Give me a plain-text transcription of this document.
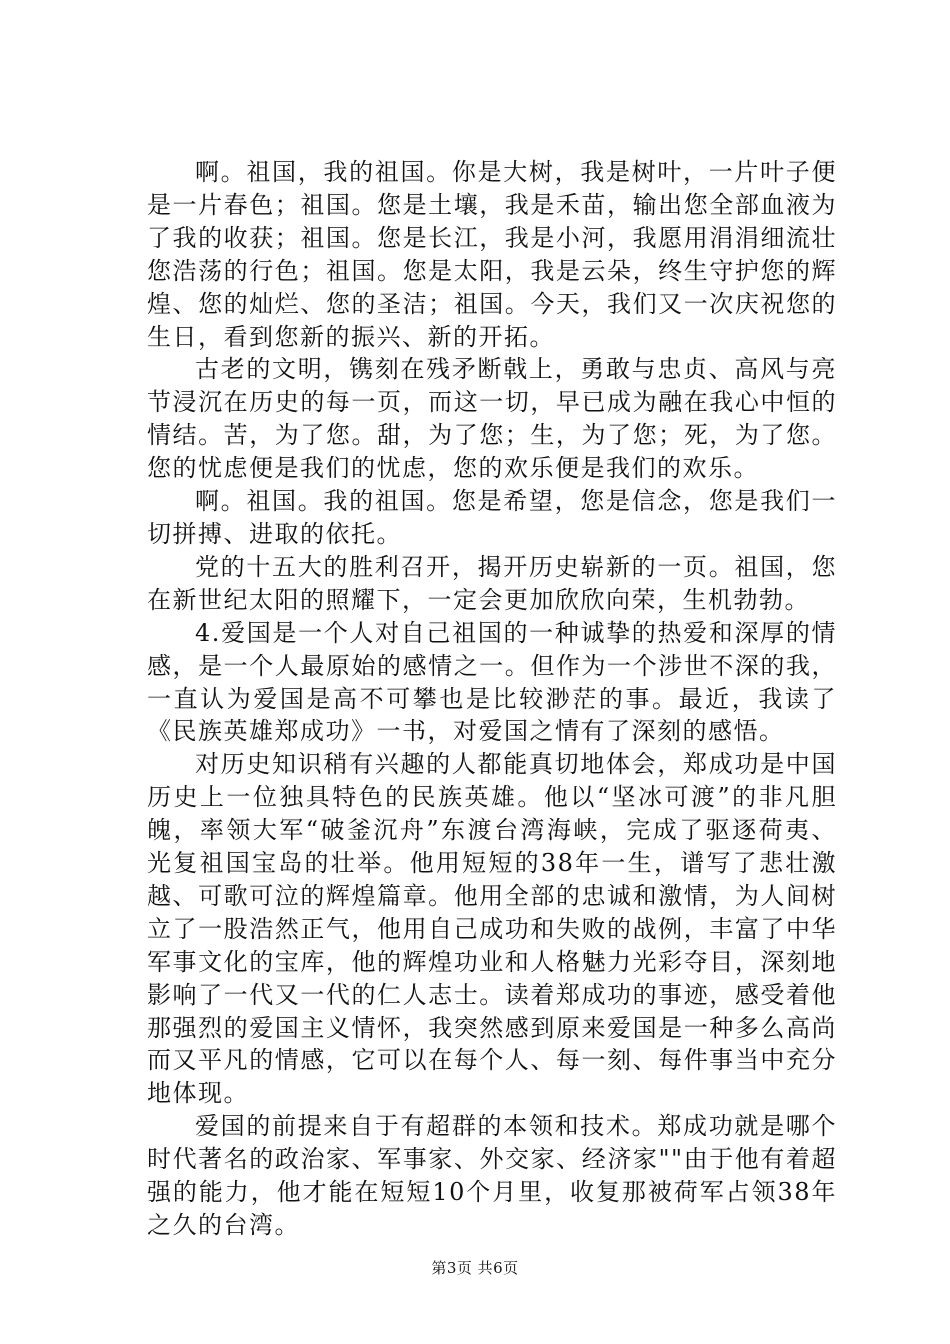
啊。祖国，我的祖国。你是大树，我是树叶，一片叶子便是一片春色；祖国。您是土壤，我是禾苗，输出您全部血液为了我的收获；祖国。您是长江，我是小河，我愿用涓涓细流壮您浩荡的行色；祖国。您是太阳，我是云朵，终生守护您的辉煌、您的灿烂、您的圣洁；祖国。今天，我们又一次庆祝您的生日，看到您新的振兴、新的开拓。

古老的文明，镌刻在残矛断戟上，勇敢与忠贞、高风与亮节浸沉在历史的每一页，而这一切，早已成为融在我心中恒的情结。苦，为了您。甜，为了您；生，为了您；死，为了您。您的忧虑便是我们的忧虑，您的欢乐便是我们的欢乐。

啊。祖国。我的祖国。您是希望，您是信念，您是我们一切拼搏、进取的依托。

党的十五大的胜利召开，揭开历史崭新的一页。祖国，您在新世纪太阳的照耀下，一定会更加欣欣向荣，生机勃勃。

4.爱国是一个人对自己祖国的一种诚挚的热爱和深厚的情感，是一个人最原始的感情之一。但作为一个涉世不深的我，一直认为爱国是高不可攀也是比较渺茫的事。最近，我读了《民族英雄郑成功》一书，对爱国之情有了深刻的感悟。

对历史知识稍有兴趣的人都能真切地体会，郑成功是中国历史上一位独具特色的民族英雄。他以“坚冰可渡”的非凡胆魄，率领大军“破釜沉舟”东渡台湾海峡，完成了驱逐荷夷、光复祖国宝岛的壮举。他用短短的38年一生，谱写了悲壮激越、可歌可泣的辉煌篇章。他用全部的忠诚和激情，为人间树立了一股浩然正气，他用自己成功和失败的战例，丰富了中华军事文化的宝库，他的辉煌功业和人格魅力光彩夺目，深刻地影响了一代又一代的仁人志士。读着郑成功的事迹，感受着他那强烈的爱国主义情怀，我突然感到原来爱国是一种多么高尚而又平凡的情感，它可以在每个人、每一刻、每件事当中充分地体现。

爱国的前提来自于有超群的本领和技术。郑成功就是哪个时代著名的政治家、军事家、外交家、经济家""由于他有着超强的能力，他才能在短短10个月里，收复那被荷军占领38年之久的台湾。

第3页 共6页
